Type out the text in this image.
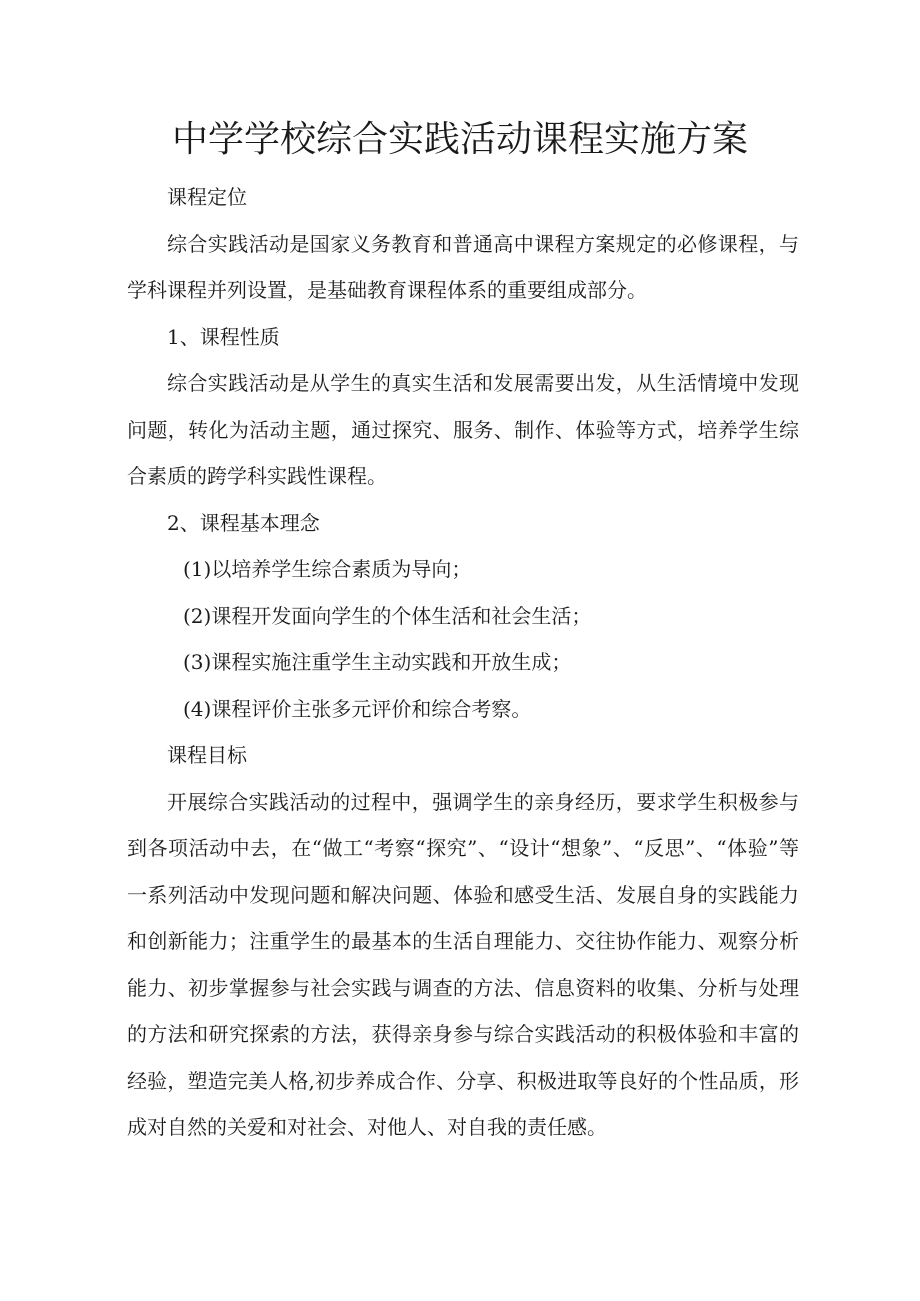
中学学校综合实践活动课程实施方案

课程定位

综合实践活动是国家义务教育和普通高中课程方案规定的必修课程，与学科课程并列设置，是基础教育课程体系的重要组成部分。

1、课程性质

综合实践活动是从学生的真实生活和发展需要出发，从生活情境中发现问题，转化为活动主题，通过探究、服务、制作、体验等方式，培养学生综合素质的跨学科实践性课程。

2、课程基本理念

(1)以培养学生综合素质为导向；

(2)课程开发面向学生的个体生活和社会生活；

(3)课程实施注重学生主动实践和开放生成；

(4)课程评价主张多元评价和综合考察。

课程目标

开展综合实践活动的过程中，强调学生的亲身经历，要求学生积极参与到各项活动中去，在“做工“考察“探究”、“设计“想象”、“反思”、“体验”等一系列活动中发现问题和解决问题、体验和感受生活、发展自身的实践能力和创新能力；注重学生的最基本的生活自理能力、交往协作能力、观察分析能力、初步掌握参与社会实践与调查的方法、信息资料的收集、分析与处理的方法和研究探索的方法，获得亲身参与综合实践活动的积极体验和丰富的经验，塑造完美人格,初步养成合作、分享、积极进取等良好的个性品质，形成对自然的关爱和对社会、对他人、对自我的责任感。
